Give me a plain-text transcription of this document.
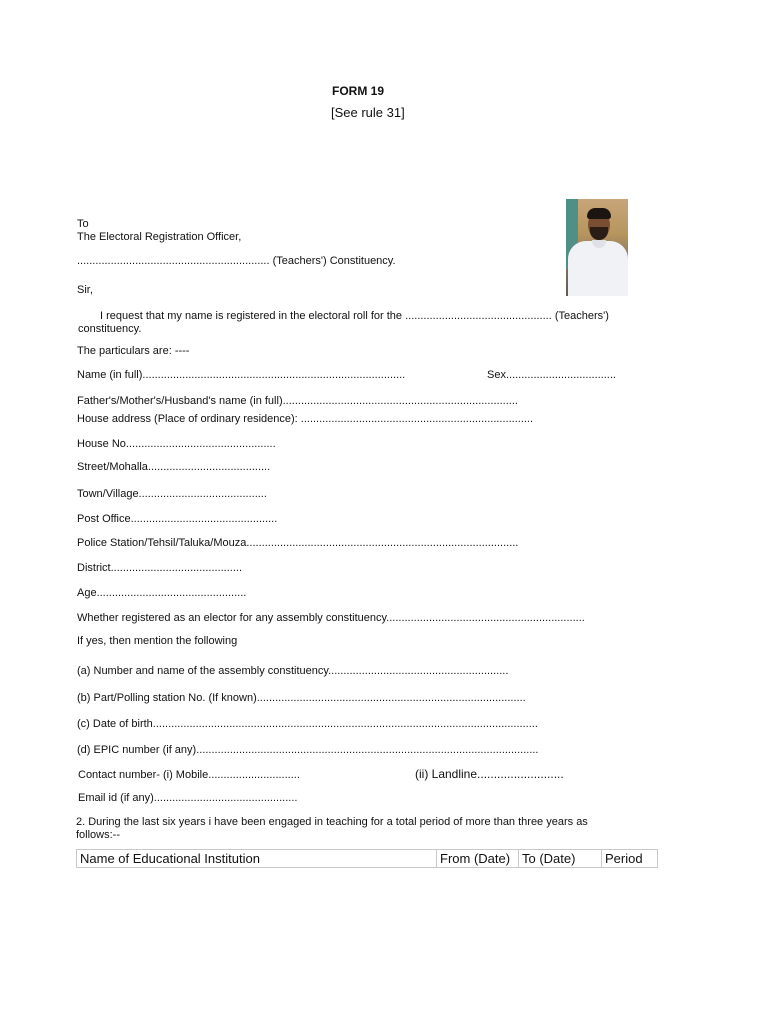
FORM 19
[See rule 31]
To
The Electoral Registration Officer,
............................................................... (Teachers') Constituency.
Sir,
I request that my name is registered in the electoral roll for the ................................................ (Teachers')
constituency.
The particulars are: ----
Name (in full)......................................................................................	Sex....................................
Father's/Mother's/Husband's name (in full).............................................................................
House address (Place of ordinary residence): ............................................................................
House No.................................................
Street/Mohalla........................................
Town/Village..........................................
Post Office................................................
Police Station/Tehsil/Taluka/Mouza.........................................................................................
District...........................................
Age.................................................
Whether registered as an elector for any assembly constituency.................................................................
If yes, then mention the following
(a) Number and name of the assembly constituency...........................................................
(b) Part/Polling station No. (If known)........................................................................................
(c) Date of birth..............................................................................................................................
(d) EPIC number (if any)................................................................................................................
Contact number- (i) Mobile..............................	(ii) Landline..........................
Email id (if any)...............................................
2. During the last six years i have been engaged in teaching for a total period of more than three years as
follows:--
Name of Educational Institution	From (Date)	To (Date)	Period
